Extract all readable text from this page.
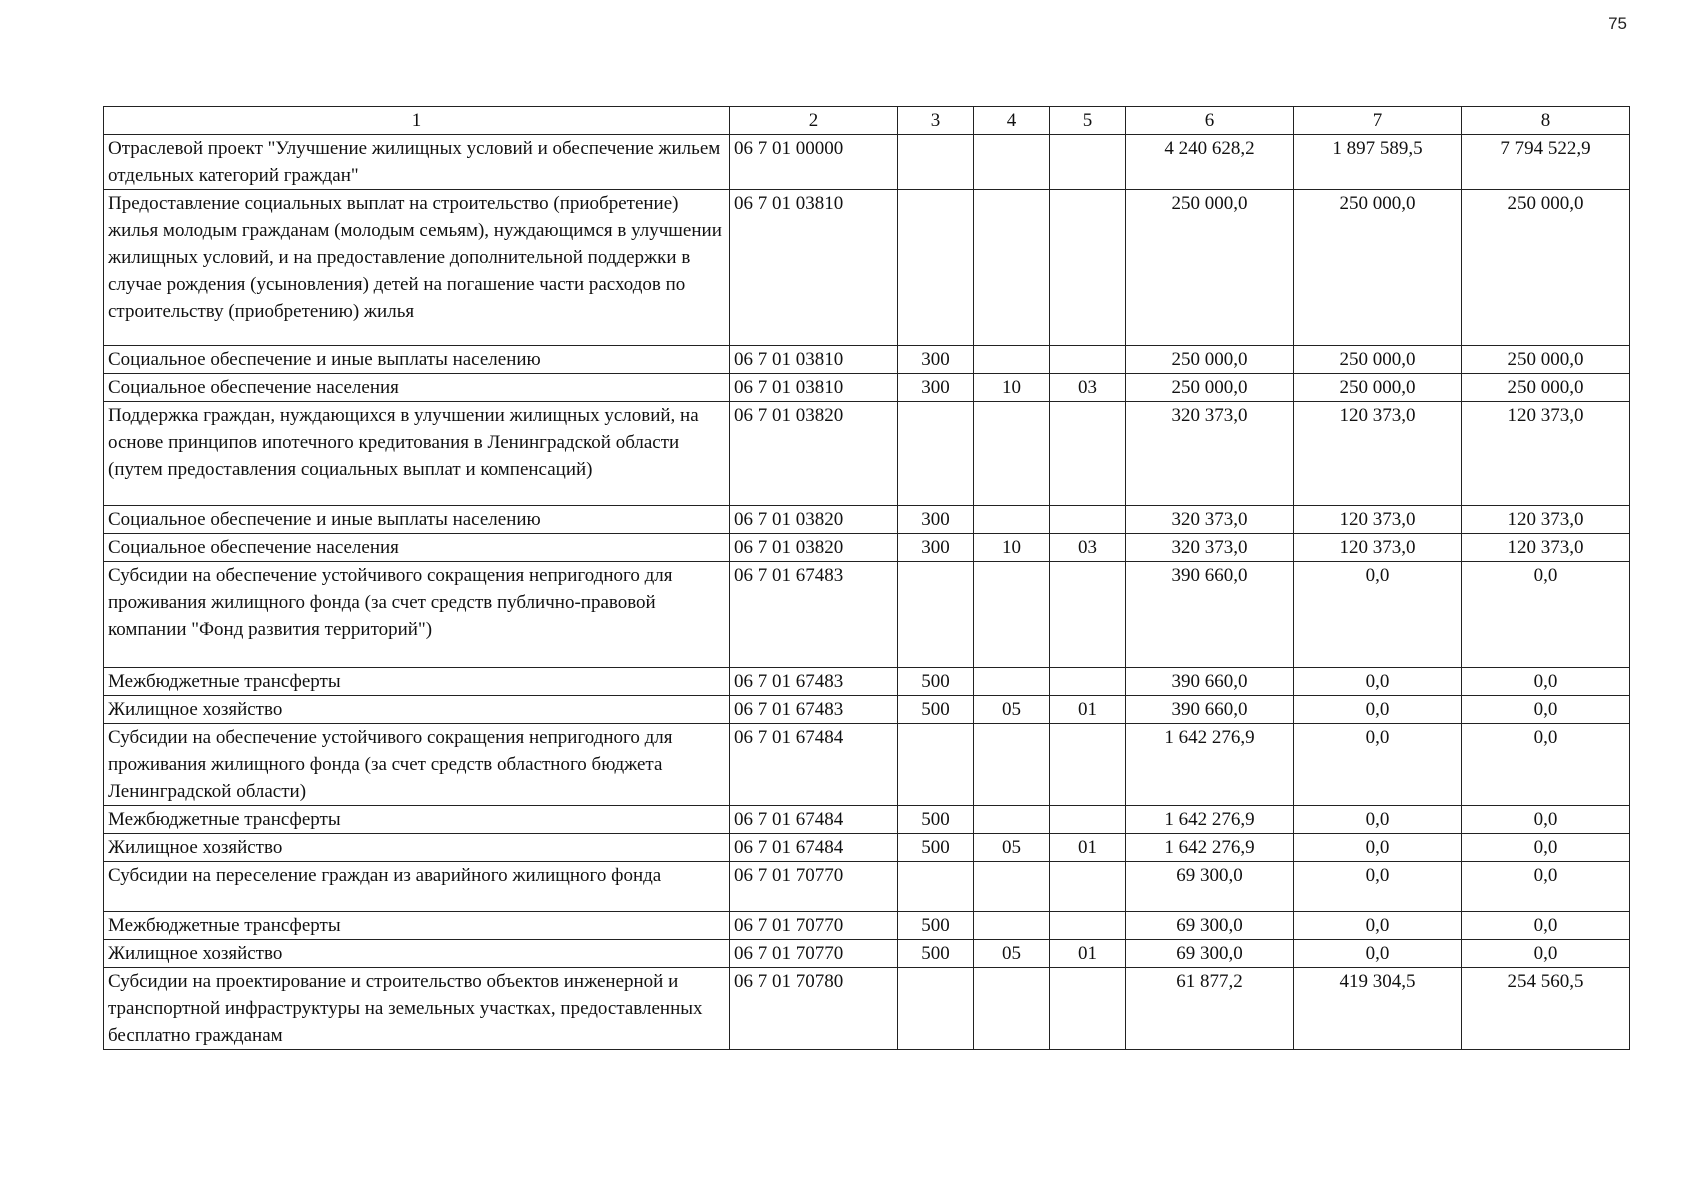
75
1	2	3	4	5	6	7	8
Отраслевой проект "Улучшение жилищных условий и обеспечение жильем отдельных категорий граждан"	06 7 01 00000				4 240 628,2	1 897 589,5	7 794 522,9
Предоставление социальных выплат на строительство (приобретение) жилья молодым гражданам (молодым семьям), нуждающимся в улучшении жилищных условий, и на предоставление дополнительной поддержки в случае рождения (усыновления) детей на погашение части расходов по строительству (приобретению) жилья	06 7 01 03810				250 000,0	250 000,0	250 000,0
Социальное обеспечение и иные выплаты населению	06 7 01 03810	300			250 000,0	250 000,0	250 000,0
Социальное обеспечение населения	06 7 01 03810	300	10	03	250 000,0	250 000,0	250 000,0
Поддержка граждан, нуждающихся в улучшении жилищных условий, на основе принципов ипотечного кредитования в Ленинградской области (путем предоставления социальных выплат и компенсаций)	06 7 01 03820				320 373,0	120 373,0	120 373,0
Социальное обеспечение и иные выплаты населению	06 7 01 03820	300			320 373,0	120 373,0	120 373,0
Социальное обеспечение населения	06 7 01 03820	300	10	03	320 373,0	120 373,0	120 373,0
Субсидии на обеспечение устойчивого сокращения непригодного для проживания жилищного фонда (за счет средств публично-правовой компании "Фонд развития территорий")	06 7 01 67483				390 660,0	0,0	0,0
Межбюджетные трансферты	06 7 01 67483	500			390 660,0	0,0	0,0
Жилищное хозяйство	06 7 01 67483	500	05	01	390 660,0	0,0	0,0
Субсидии на обеспечение устойчивого сокращения непригодного для проживания жилищного фонда (за счет средств областного бюджета Ленинградской области)	06 7 01 67484				1 642 276,9	0,0	0,0
Межбюджетные трансферты	06 7 01 67484	500			1 642 276,9	0,0	0,0
Жилищное хозяйство	06 7 01 67484	500	05	01	1 642 276,9	0,0	0,0
Субсидии на переселение граждан из аварийного жилищного фонда	06 7 01 70770				69 300,0	0,0	0,0
Межбюджетные трансферты	06 7 01 70770	500			69 300,0	0,0	0,0
Жилищное хозяйство	06 7 01 70770	500	05	01	69 300,0	0,0	0,0
Субсидии на проектирование и строительство объектов инженерной и транспортной инфраструктуры на земельных участках, предоставленных бесплатно гражданам	06 7 01 70780				61 877,2	419 304,5	254 560,5
